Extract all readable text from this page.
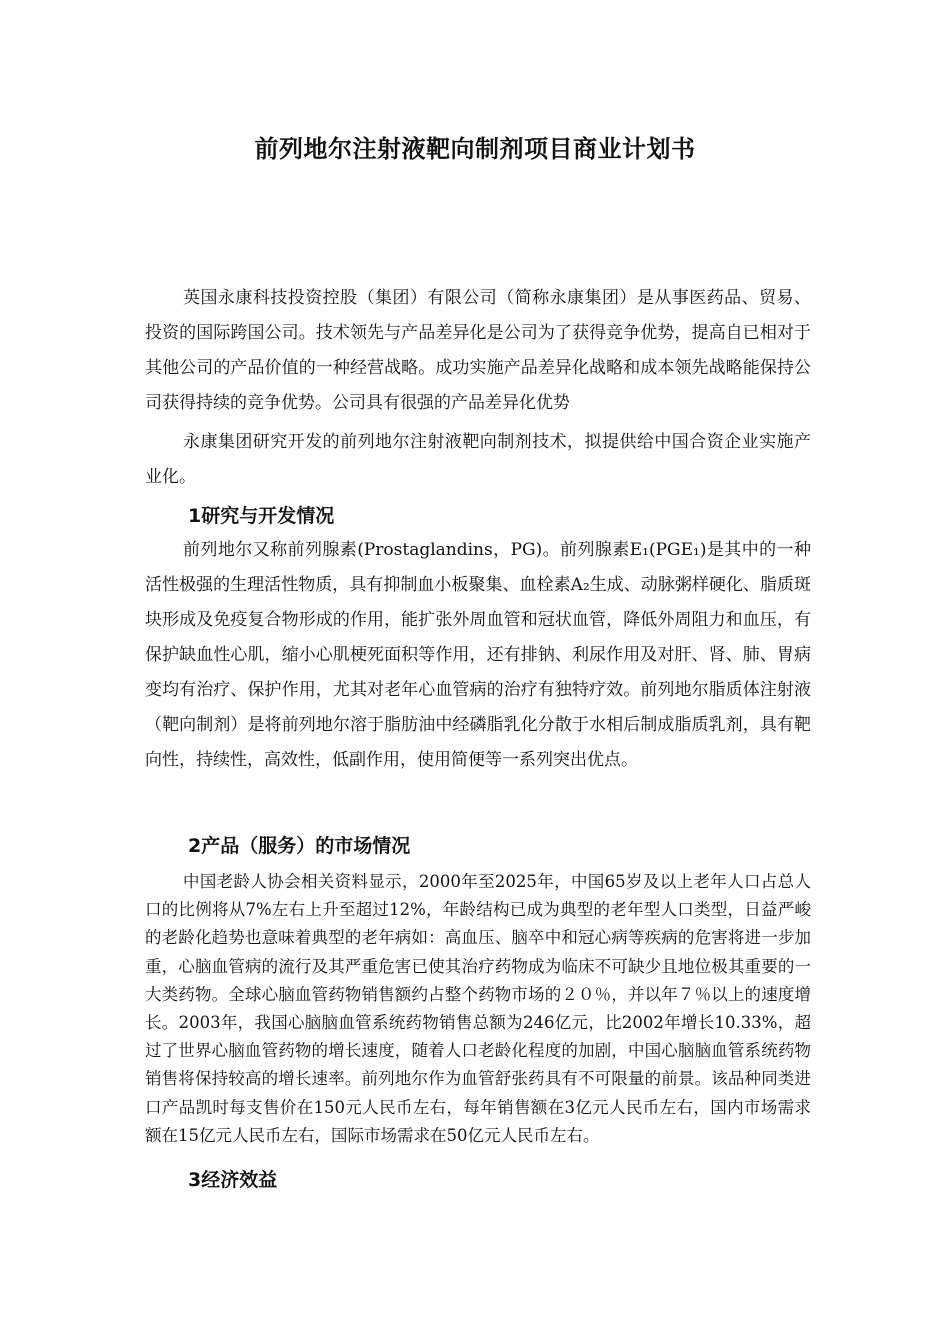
前列地尔注射液靶向制剂项目商业计划书

英国永康科技投资控股（集团）有限公司（简称永康集团）是从事医药品、贸易、投资的国际跨国公司。技术领先与产品差异化是公司为了获得竞争优势，提高自已相对于其他公司的产品价值的一种经营战略。成功实施产品差异化战略和成本领先战略能保持公司获得持续的竞争优势。公司具有很强的产品差异化优势

永康集团研究开发的前列地尔注射液靶向制剂技术，拟提供给中国合资企业实施产业化。

1研究与开发情况

前列地尔又称前列腺素(Prostaglandins，PG)。前列腺素E₁(PGE₁)是其中的一种活性极强的生理活性物质，具有抑制血小板聚集、血栓素A₂生成、动脉粥样硬化、脂质斑块形成及免疫复合物形成的作用，能扩张外周血管和冠状血管，降低外周阻力和血压，有保护缺血性心肌，缩小心肌梗死面积等作用，还有排钠、利尿作用及对肝、肾、肺、胃病变均有治疗、保护作用，尤其对老年心血管病的治疗有独特疗效。前列地尔脂质体注射液（靶向制剂）是将前列地尔溶于脂肪油中经磷脂乳化分散于水相后制成脂质乳剂，具有靶向性，持续性，高效性，低副作用，使用简便等一系列突出优点。

2产品（服务）的市场情况

中国老龄人协会相关资料显示，2000年至2025年，中国65岁及以上老年人口占总人口的比例将从7%左右上升至超过12%，年龄结构已成为典型的老年型人口类型，日益严峻的老龄化趋势也意味着典型的老年病如：高血压、脑卒中和冠心病等疾病的危害将进一步加重，心脑血管病的流行及其严重危害已使其治疗药物成为临床不可缺少且地位极其重要的一大类药物。全球心脑血管药物销售额约占整个药物市场的２０％，并以年７％以上的速度增长。2003年，我国心脑脑血管系统药物销售总额为246亿元，比2002年增长10.33%，超过了世界心脑血管药物的增长速度，随着人口老龄化程度的加剧，中国心脑脑血管系统药物销售将保持较高的增长速率。前列地尔作为血管舒张药具有不可限量的前景。该品种同类进口产品凯时每支售价在150元人民币左右，每年销售额在3亿元人民币左右，国内市场需求额在15亿元人民币左右，国际市场需求在50亿元人民币左右。

3经济效益
